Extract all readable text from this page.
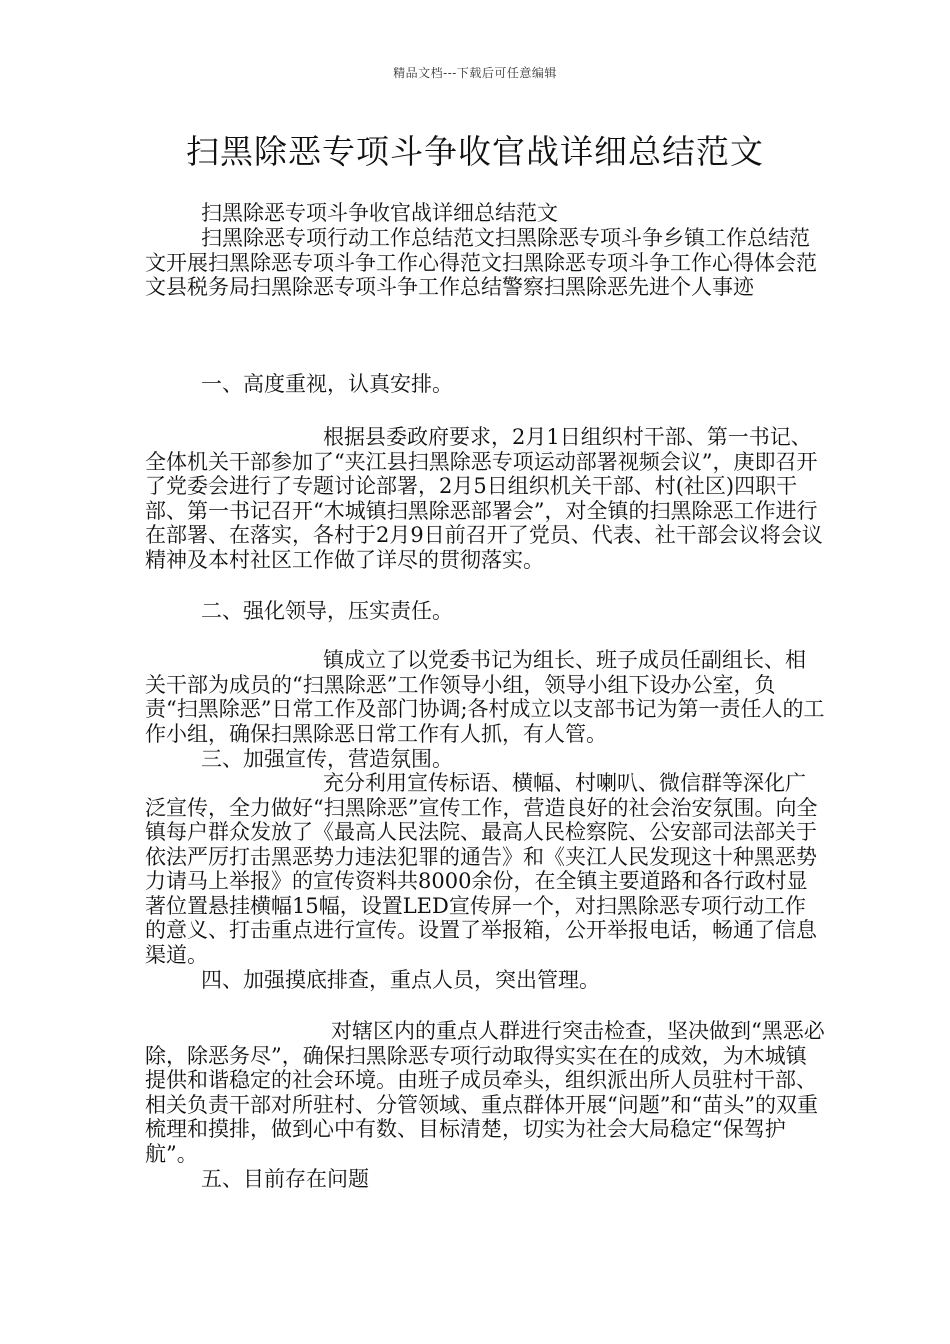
精品文档---下载后可任意编辑
扫黑除恶专项斗争收官战详细总结范文

扫黑除恶专项斗争收官战详细总结范文

扫黑除恶专项行动工作总结范文扫黑除恶专项斗争乡镇工作总结范文开展扫黑除恶专项斗争工作心得范文扫黑除恶专项斗争工作心得体会范文县税务局扫黑除恶专项斗争工作总结警察扫黑除恶先进个人事迹

一、高度重视，认真安排。

根据县委政府要求，2月1日组织村干部、第一书记、全体机关干部参加了“夹江县扫黑除恶专项运动部署视频会议”，庚即召开了党委会进行了专题讨论部署，2月5日组织机关干部、村(社区)四职干部、第一书记召开“木城镇扫黑除恶部署会”，对全镇的扫黑除恶工作进行在部署、在落实，各村于2月9日前召开了党员、代表、社干部会议将会议精神及本村社区工作做了详尽的贯彻落实。

二、强化领导，压实责任。

镇成立了以党委书记为组长、班子成员任副组长、相关干部为成员的“扫黑除恶”工作领导小组，领导小组下设办公室，负责“扫黑除恶”日常工作及部门协调;各村成立以支部书记为第一责任人的工作小组，确保扫黑除恶日常工作有人抓，有人管。

三、加强宣传，营造氛围。

充分利用宣传标语、横幅、村喇叭、微信群等深化广泛宣传，全力做好“扫黑除恶”宣传工作，营造良好的社会治安氛围。向全镇每户群众发放了《最高人民法院、最高人民检察院、公安部司法部关于依法严厉打击黑恶势力违法犯罪的通告》和《夹江人民发现这十种黑恶势力请马上举报》的宣传资料共8000余份，在全镇主要道路和各行政村显著位置悬挂横幅15幅，设置LED宣传屏一个，对扫黑除恶专项行动工作的意义、打击重点进行宣传。设置了举报箱，公开举报电话，畅通了信息渠道。

四、加强摸底排查，重点人员，突出管理。

对辖区内的重点人群进行突击检查，坚决做到“黑恶必除，除恶务尽”，确保扫黑除恶专项行动取得实实在在的成效，为木城镇提供和谐稳定的社会环境。由班子成员牵头，组织派出所人员驻村干部、相关负责干部对所驻村、分管领域、重点群体开展“问题”和“苗头”的双重梳理和摸排，做到心中有数、目标清楚，切实为社会大局稳定“保驾护航”。

五、目前存在问题
